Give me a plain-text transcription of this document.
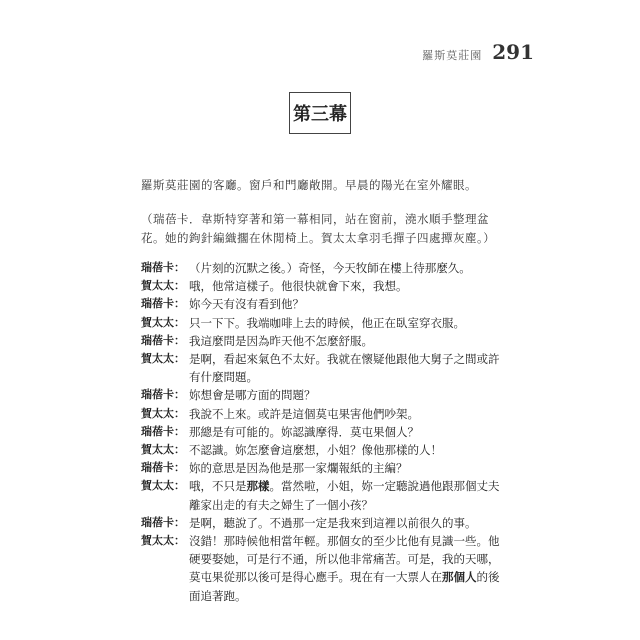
羅斯莫莊園 291
第三幕
羅斯莫莊園的客廳。窗戶和門廳敞開。早晨的陽光在室外耀眼。
（瑞蓓卡．韋斯特穿著和第一幕相同，站在窗前，澆水順手整理盆花。她的鉤針編織擱在休閒椅上。賀太太拿羽毛撣子四處撢灰塵。）
瑞蓓卡： （片刻的沉默之後。）奇怪，今天牧師在樓上待那麼久。
賀太太： 哦，他常這樣子。他很快就會下來，我想。
瑞蓓卡： 妳今天有沒有看到他？
賀太太： 只一下下。我端咖啡上去的時候，他正在臥室穿衣服。
瑞蓓卡： 我這麼問是因為昨天他不怎麼舒服。
賀太太： 是啊，看起來氣色不太好。我就在懷疑他跟他大舅子之間或許有什麼問題。
瑞蓓卡： 妳想會是哪方面的問題？
賀太太： 我說不上來。或許是這個莫屯果害他們吵架。
瑞蓓卡： 那總是有可能的。妳認識摩得．莫屯果個人？
賀太太： 不認識。妳怎麼會這麼想，小姐？像他那樣的人！
瑞蓓卡： 妳的意思是因為他是那一家爛報紙的主編？
賀太太： 哦，不只是那樣。當然啦，小姐，妳一定聽說過他跟那個丈夫離家出走的有夫之婦生了一個小孩？
瑞蓓卡： 是啊，聽說了。不過那一定是我來到這裡以前很久的事。
賀太太： 沒錯！那時候他相當年輕。那個女的至少比他有見識一些。他硬要娶她，可是行不通，所以他非常痛苦。可是，我的天哪，莫屯果從那以後可是得心應手。現在有一大票人在那個人的後面追著跑。
